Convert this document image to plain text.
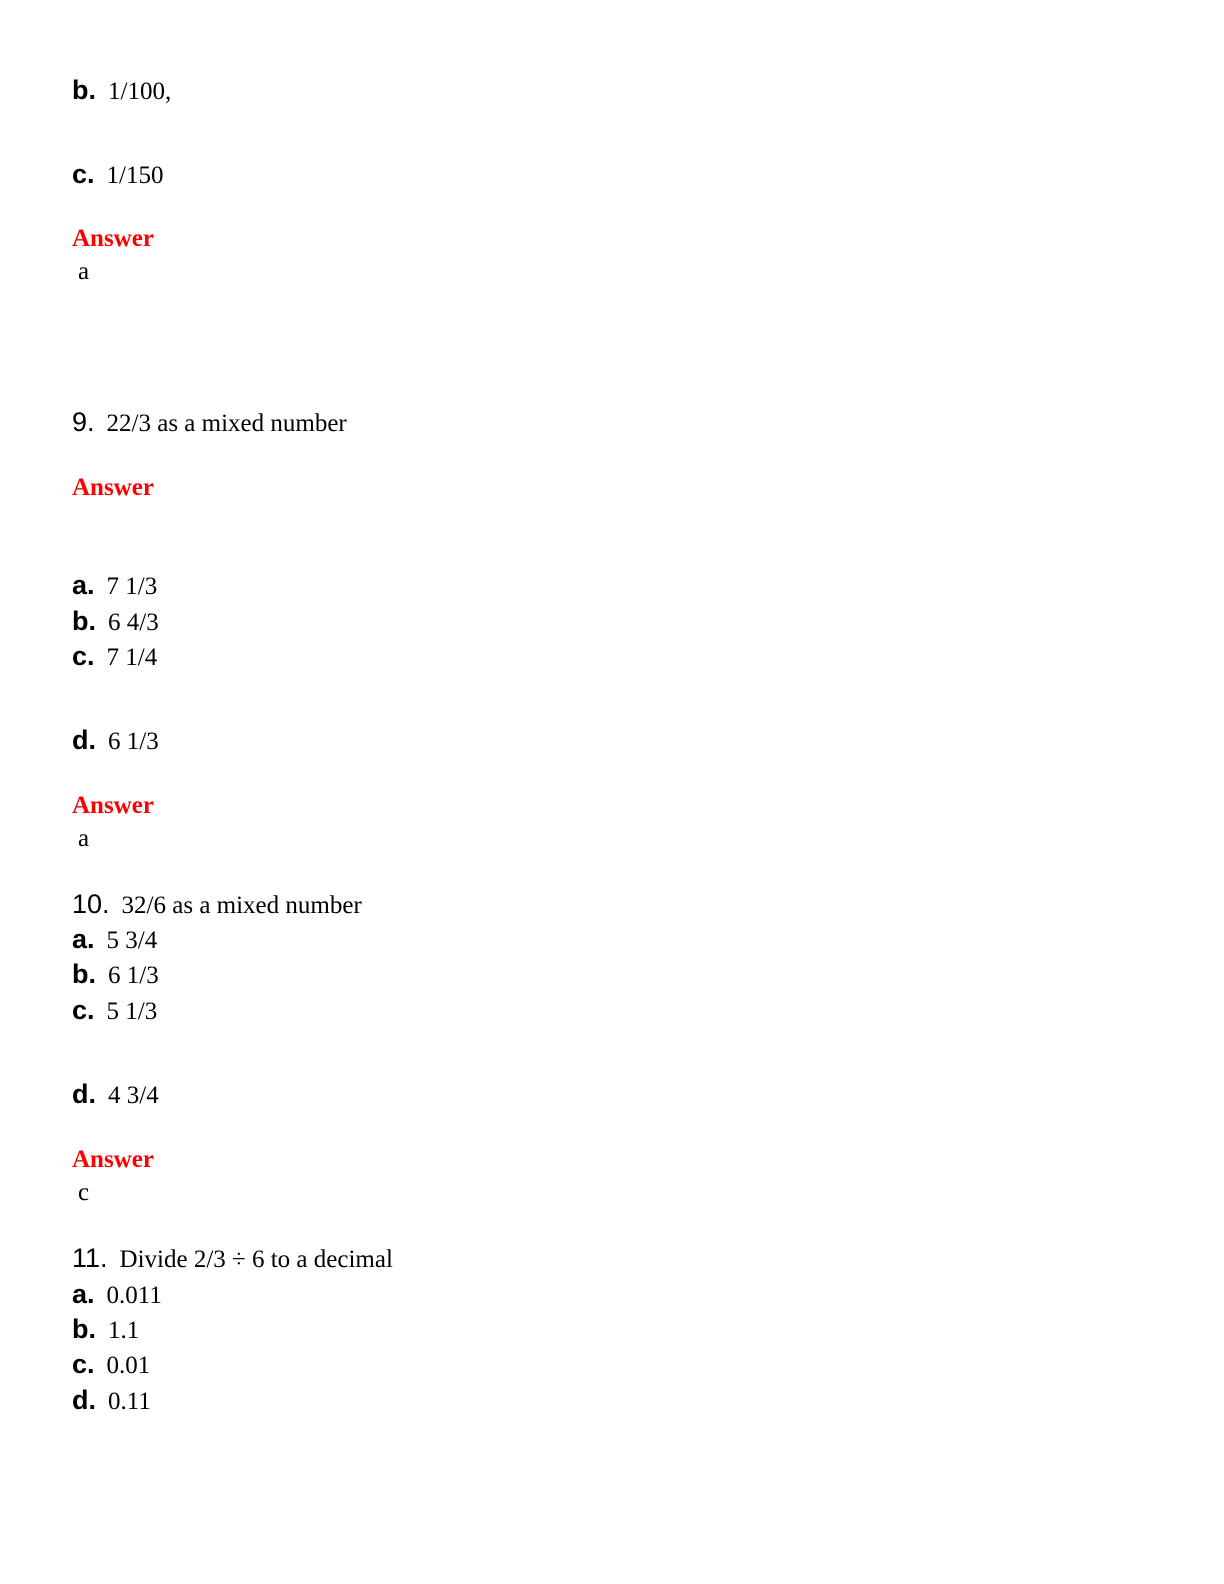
b. 1/100,
c. 1/150
Answer
a
9. 22/3 as a mixed number
Answer
a. 7 1/3
b. 6 4/3
c. 7 1/4
d. 6 1/3
Answer
a
10. 32/6 as a mixed number
a. 5 3/4
b. 6 1/3
c. 5 1/3
d. 4 3/4
Answer
c
11. Divide 2/3 ÷ 6 to a decimal
a. 0.011
b. 1.1
c. 0.01
d. 0.11
